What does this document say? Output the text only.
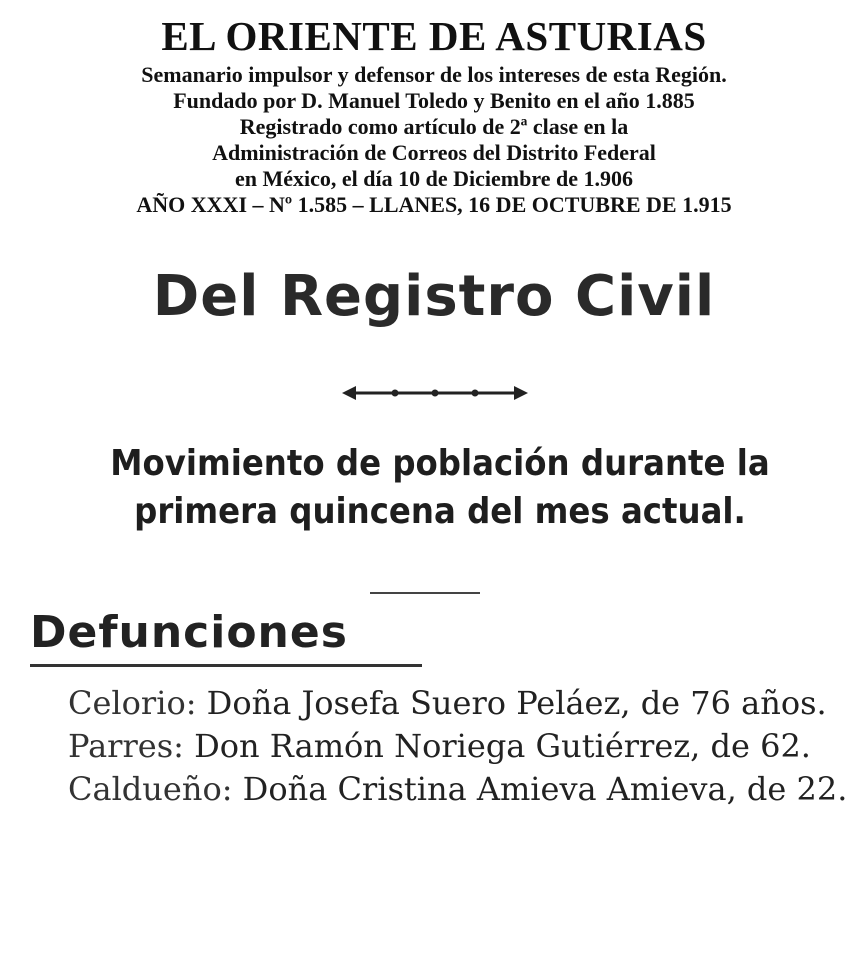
EL ORIENTE DE ASTURIAS
Semanario impulsor y defensor de los intereses de esta Región.
Fundado por D. Manuel Toledo y Benito en el año 1.885
Registrado como artículo de 2ª clase en la
Administración de Correos del Distrito Federal
en México, el día 10 de Diciembre de 1.906
AÑO XXXI – Nº 1.585 – LLANES, 16 DE OCTUBRE DE 1.915
Del Registro Civil
Movimiento de población durante la primera quincena del mes actual.
Defunciones

Celorio: Doña Josefa Suero Peláez, de 76 años.

Parres: Don Ramón Noriega Gutiérrez, de 62.

Caldueño: Doña Cristina Amieva Amieva, de 22.
